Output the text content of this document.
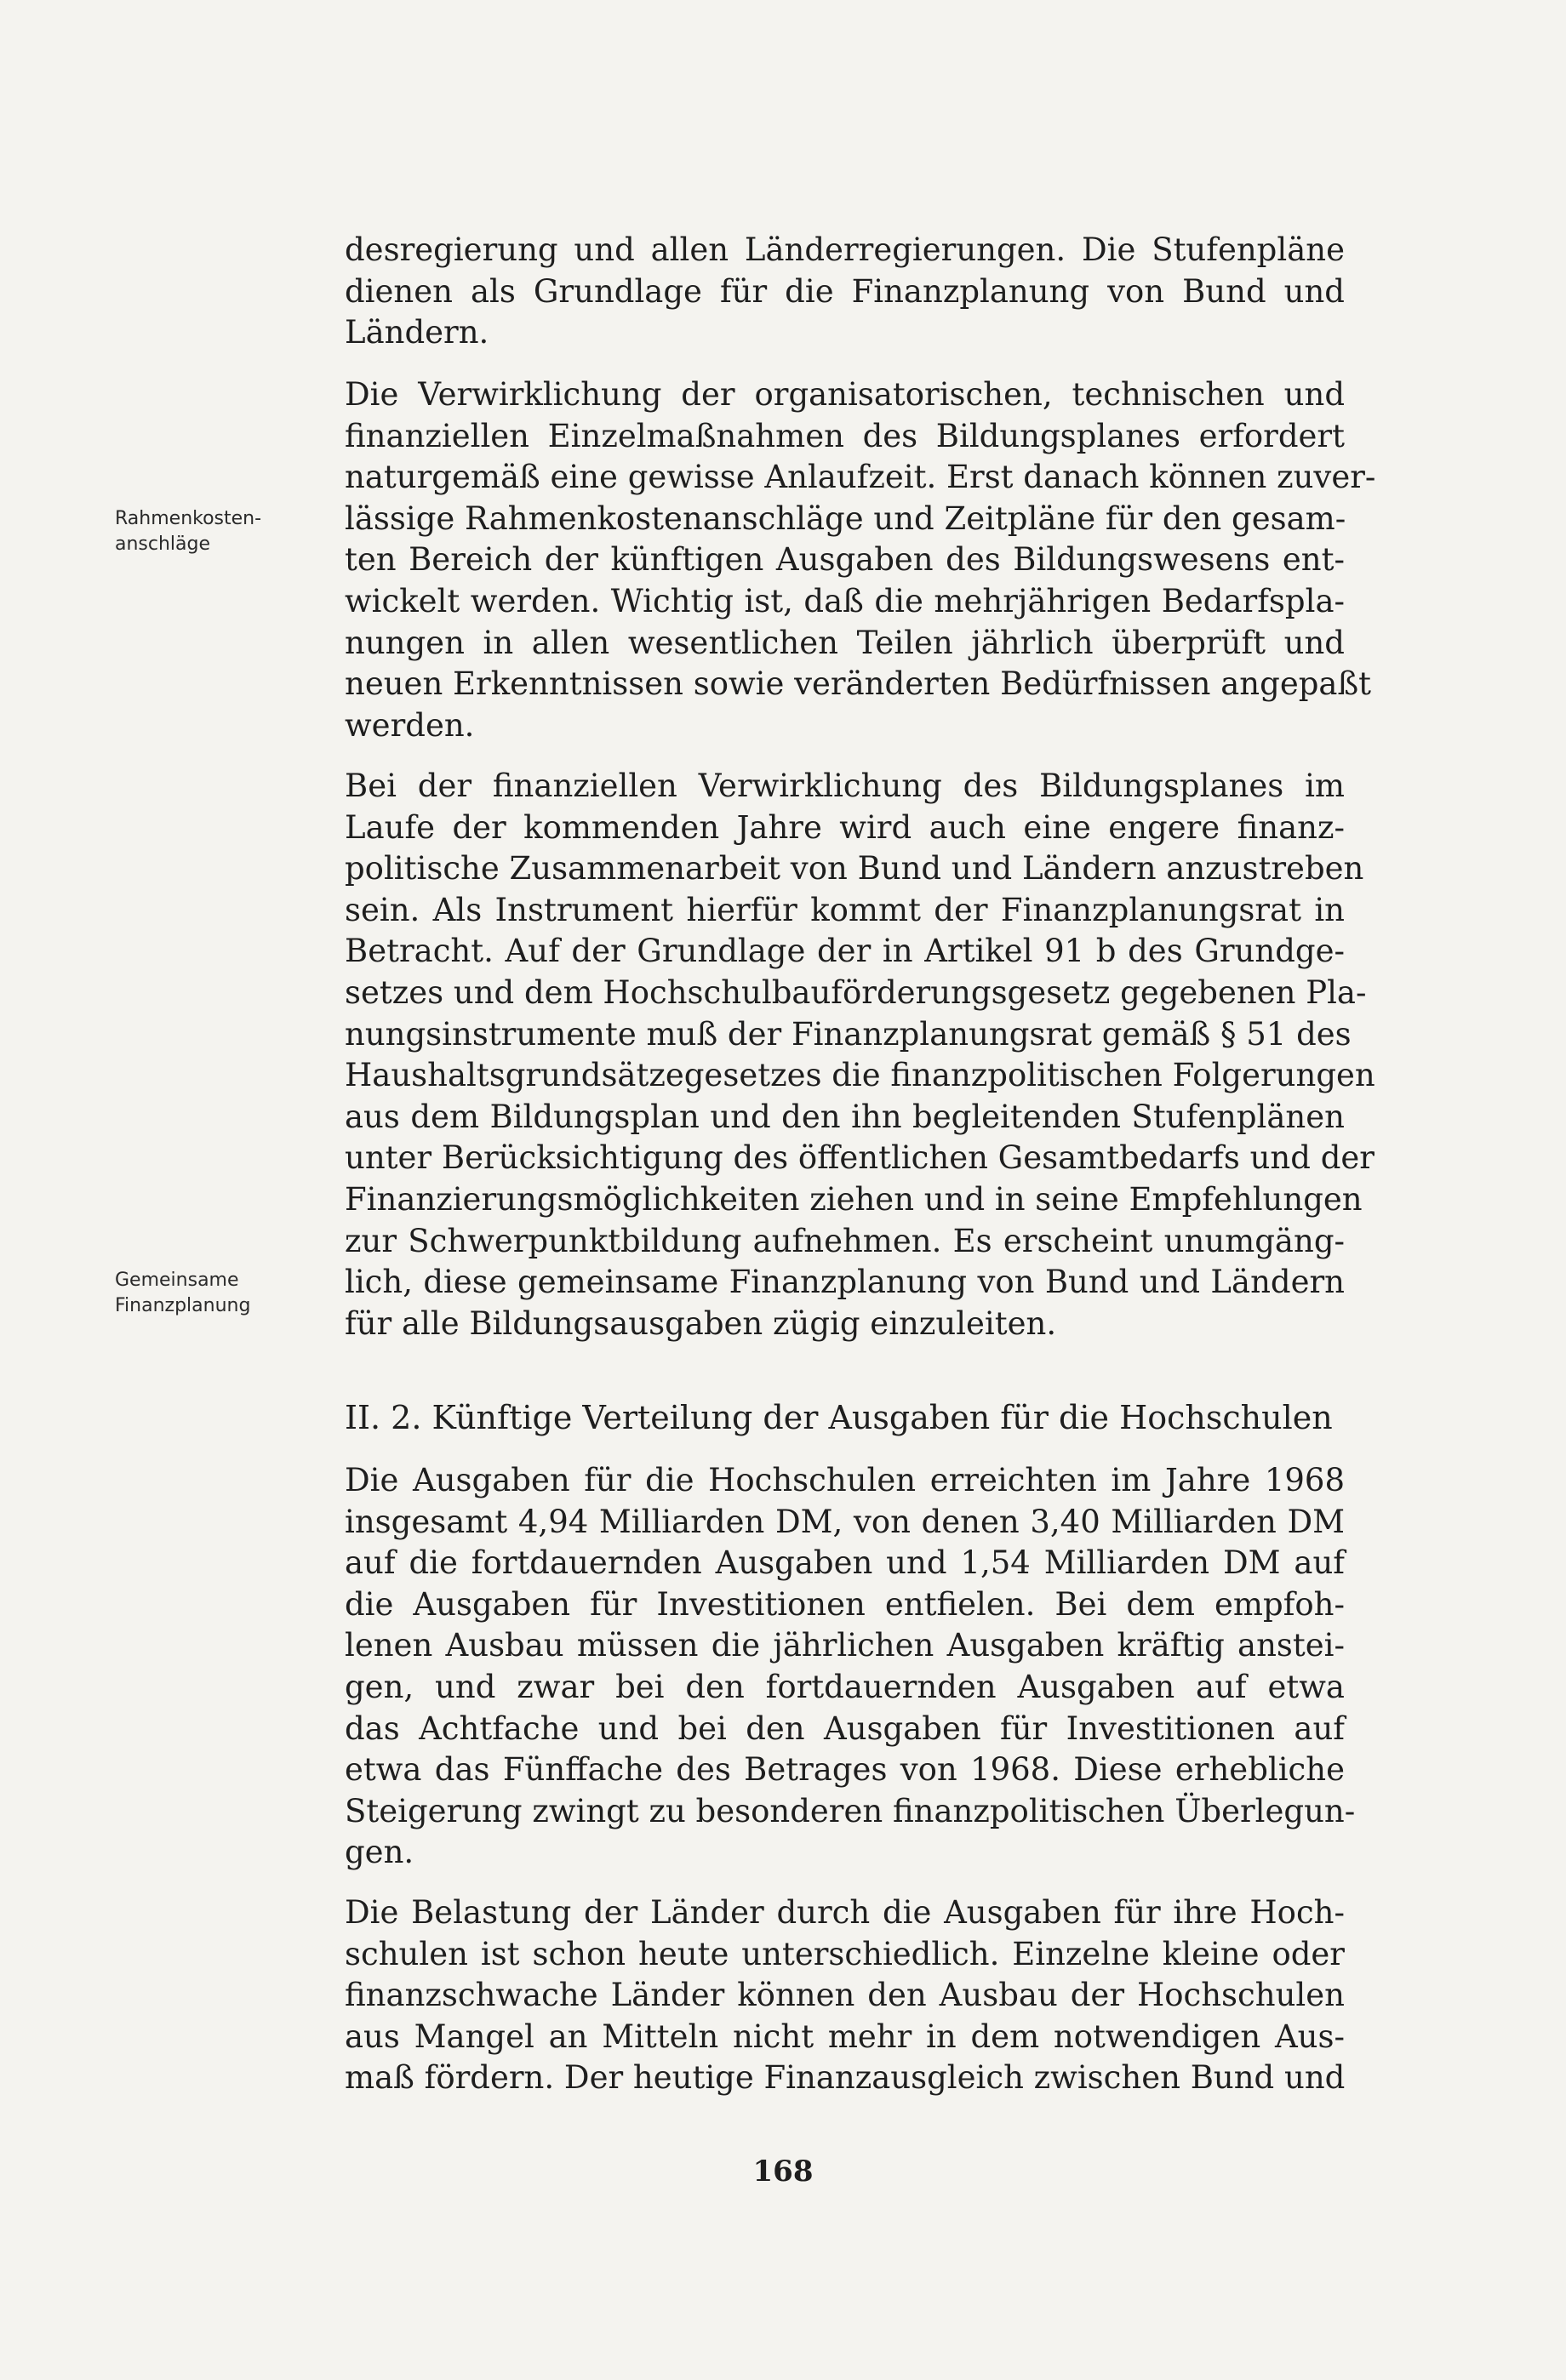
Rahmenkosten-
anschläge
Gemeinsame
Finanzplanung

desregierung und allen Länderregierungen. Die Stufenpläne
dienen als Grundlage für die Finanzplanung von Bund und
Ländern.

Die Verwirklichung der organisatorischen, technischen und
finanziellen Einzelmaßnahmen des Bildungsplanes erfordert
naturgemäß eine gewisse Anlaufzeit. Erst danach können zuver-
lässige Rahmenkostenanschläge und Zeitpläne für den gesam-
ten Bereich der künftigen Ausgaben des Bildungswesens ent-
wickelt werden. Wichtig ist, daß die mehrjährigen Bedarfspla-
nungen in allen wesentlichen Teilen jährlich überprüft und
neuen Erkenntnissen sowie veränderten Bedürfnissen angepaßt
werden.

Bei der finanziellen Verwirklichung des Bildungsplanes im
Laufe der kommenden Jahre wird auch eine engere finanz-
politische Zusammenarbeit von Bund und Ländern anzustreben
sein. Als Instrument hierfür kommt der Finanzplanungsrat in
Betracht. Auf der Grundlage der in Artikel 91 b des Grundge-
setzes und dem Hochschulbauförderungsgesetz gegebenen Pla-
nungsinstrumente muß der Finanzplanungsrat gemäß § 51 des
Haushaltsgrundsätzegesetzes die finanzpolitischen Folgerungen
aus dem Bildungsplan und den ihn begleitenden Stufenplänen
unter Berücksichtigung des öffentlichen Gesamtbedarfs und der
Finanzierungsmöglichkeiten ziehen und in seine Empfehlungen
zur Schwerpunktbildung aufnehmen. Es erscheint unumgäng-
lich, diese gemeinsame Finanzplanung von Bund und Ländern
für alle Bildungsausgaben zügig einzuleiten.

II. 2. Künftige Verteilung der Ausgaben für die Hochschulen

Die Ausgaben für die Hochschulen erreichten im Jahre 1968
insgesamt 4,94 Milliarden DM, von denen 3,40 Milliarden DM
auf die fortdauernden Ausgaben und 1,54 Milliarden DM auf
die Ausgaben für Investitionen entfielen. Bei dem empfoh-
lenen Ausbau müssen die jährlichen Ausgaben kräftig anstei-
gen, und zwar bei den fortdauernden Ausgaben auf etwa
das Achtfache und bei den Ausgaben für Investitionen auf
etwa das Fünffache des Betrages von 1968. Diese erhebliche
Steigerung zwingt zu besonderen finanzpolitischen Überlegun-
gen.

Die Belastung der Länder durch die Ausgaben für ihre Hoch-
schulen ist schon heute unterschiedlich. Einzelne kleine oder
finanzschwache Länder können den Ausbau der Hochschulen
aus Mangel an Mitteln nicht mehr in dem notwendigen Aus-
maß fördern. Der heutige Finanzausgleich zwischen Bund und

168
